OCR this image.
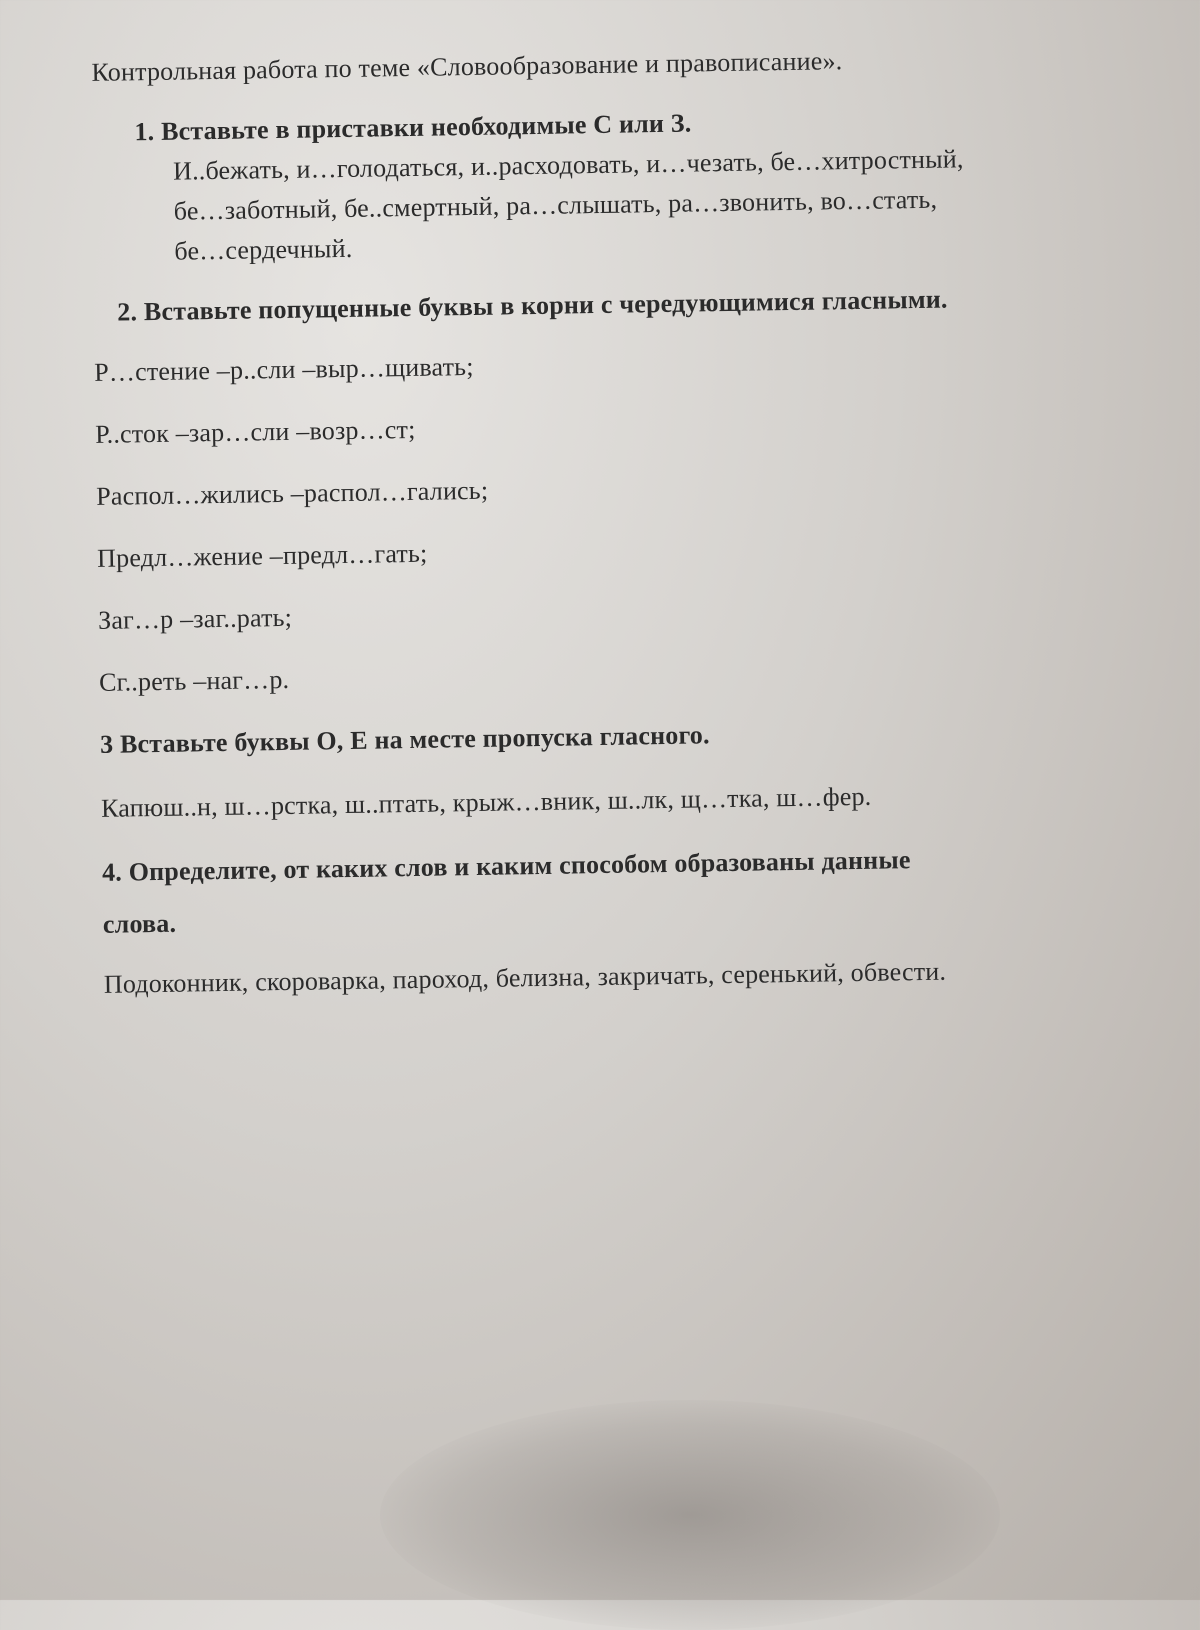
Контрольная работа по теме «Словообразование и правописание».
1. Вставьте в приставки необходимые С или З.
И..бежать, и…голодаться, и..расходовать, и…чезать, бе…хитростный,
бе…заботный, бе..смертный, ра…слышать, ра…звонить, во…стать,
бе…сердечный.
2. Вставьте попущенные буквы в корни с чередующимися гласными.
Р…стение –р..сли –выр…щивать;
Р..сток –зар…сли –возр…ст;
Распол…жились –распол…гались;
Предл…жение –предл…гать;
Заг…р –заг..рать;
Сг..реть –наг…р.
3 Вставьте буквы О, Е на месте пропуска гласного.
Капюш..н, ш…рстка, ш..птать, крыж…вник, ш..лк, щ…тка, ш…фер.
4. Определите, от каких слов и каким способом образованы данные
слова.
Подоконник, скороварка, пароход, белизна, закричать, серенький, обвести.
